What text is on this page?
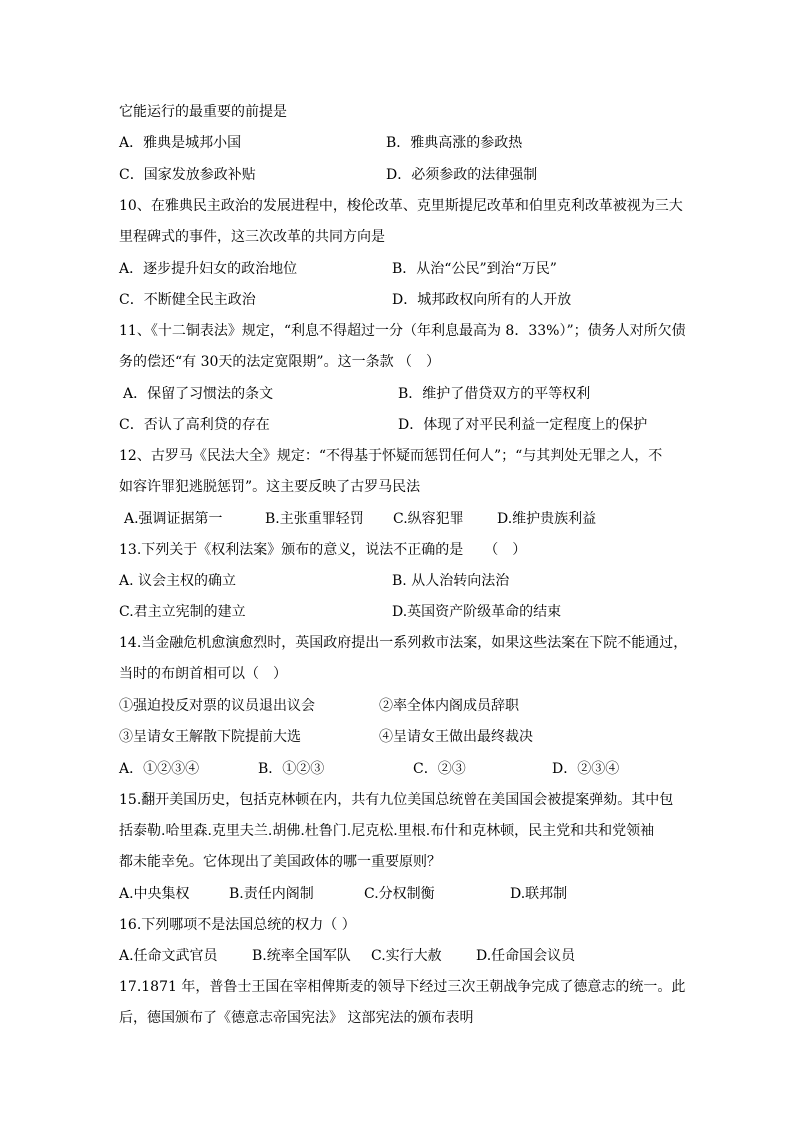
它能运行的最重要的前提是
A．雅典是城邦小国	B．雅典高涨的参政热
C．国家发放参政补贴	D．必须参政的法律强制
10、在雅典民主政治的发展进程中，梭伦改革、克里斯提尼改革和伯里克利改革被视为三大
里程碑式的事件，这三次改革的共同方向是
A．逐步提升妇女的政治地位	B．从治“公民”到治“万民”
C．不断健全民主政治	D．城邦政权向所有的人开放
11、《十二铜表法》规定，“利息不得超过一分（年利息最高为 8．33%）”；债务人对所欠债
务的偿还“有 30天的法定宽限期”。这一条款 （　）
A．保留了习惯法的条文	B．维护了借贷双方的平等权利
C．否认了高利贷的存在	D．体现了对平民利益一定程度上的保护
12、古罗马《民法大全》规定：“不得基于怀疑而惩罚任何人”；“与其判处无罪之人，不
如容许罪犯逃脱惩罚”。这主要反映了古罗马民法
A.强调证据第一	B.主张重罪轻罚 C.纵容犯罪 D.维护贵族利益
13.下列关于《权利法案》颁布的意义，说法不正确的是　　（　）
A. 议会主权的确立	B. 从人治转向法治
C.君主立宪制的建立	D.英国资产阶级革命的结束
14.当金融危机愈演愈烈时，英国政府提出一系列救市法案，如果这些法案在下院不能通过，
当时的布朗首相可以（　）
①强迫投反对票的议员退出议会	②率全体内阁成员辞职
③呈请女王解散下院提前大选	④呈请女王做出最终裁决
A．①②③④	B．①②③	C．②③	D．②③④
15.翻开美国历史，包括克林顿在内，共有九位美国总统曾在美国国会被提案弹劾。其中包
括泰勒.哈里森.克里夫兰.胡佛.杜鲁门.尼克松.里根.布什和克林顿，民主党和共和党领袖
都未能幸免。它体现出了美国政体的哪一重要原则？
A.中央集权	B.责任内阁制	C.分权制衡	D.联邦制
16.下列哪项不是法国总统的权力（ ）
A.任命文武官员 B.统率全国军队 C.实行大赦 D.任命国会议员
17.1871 年，普鲁士王国在宰相俾斯麦的领导下经过三次王朝战争完成了德意志的统一。此
后，德国颁布了《德意志帝国宪法》 这部宪法的颁布表明
